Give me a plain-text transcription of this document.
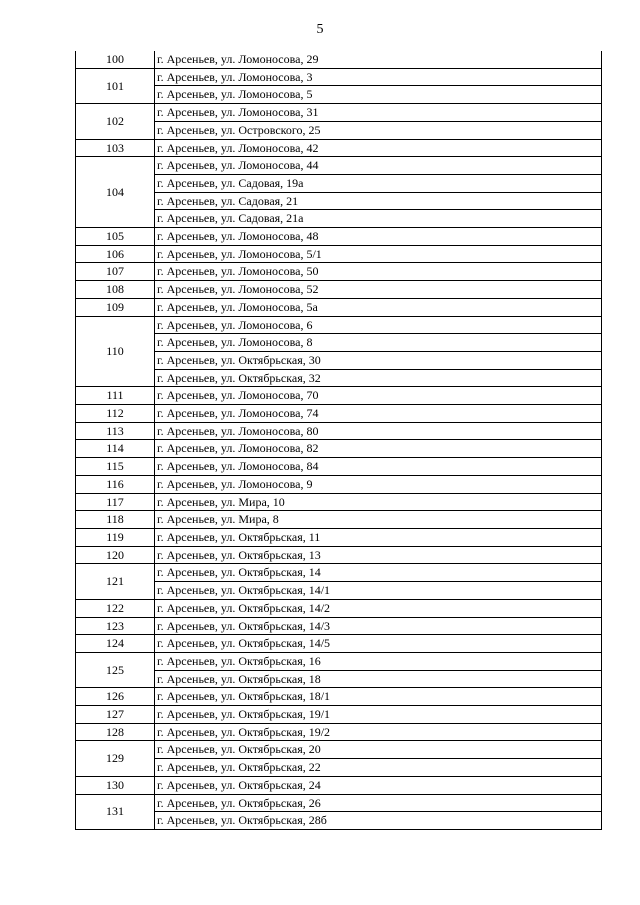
5
100	г. Арсеньев, ул. Ломоносова, 29
101	г. Арсеньев, ул. Ломоносова, 3
	г. Арсеньев, ул. Ломоносова, 5
102	г. Арсеньев, ул. Ломоносова, 31
	г. Арсеньев, ул. Островского, 25
103	г. Арсеньев, ул. Ломоносова, 42
104	г. Арсеньев, ул. Ломоносова, 44
	г. Арсеньев, ул. Садовая, 19а
	г. Арсеньев, ул. Садовая, 21
	г. Арсеньев, ул. Садовая, 21а
105	г. Арсеньев, ул. Ломоносова, 48
106	г. Арсеньев, ул. Ломоносова, 5/1
107	г. Арсеньев, ул. Ломоносова, 50
108	г. Арсеньев, ул. Ломоносова, 52
109	г. Арсеньев, ул. Ломоносова, 5а
110	г. Арсеньев, ул. Ломоносова, 6
	г. Арсеньев, ул. Ломоносова, 8
	г. Арсеньев, ул. Октябрьская, 30
	г. Арсеньев, ул. Октябрьская, 32
111	г. Арсеньев, ул. Ломоносова, 70
112	г. Арсеньев, ул. Ломоносова, 74
113	г. Арсеньев, ул. Ломоносова, 80
114	г. Арсеньев, ул. Ломоносова, 82
115	г. Арсеньев, ул. Ломоносова, 84
116	г. Арсеньев, ул. Ломоносова, 9
117	г. Арсеньев, ул. Мира, 10
118	г. Арсеньев, ул. Мира, 8
119	г. Арсеньев, ул. Октябрьская, 11
120	г. Арсеньев, ул. Октябрьская, 13
121	г. Арсеньев, ул. Октябрьская, 14
	г. Арсеньев, ул. Октябрьская, 14/1
122	г. Арсеньев, ул. Октябрьская, 14/2
123	г. Арсеньев, ул. Октябрьская, 14/3
124	г. Арсеньев, ул. Октябрьская, 14/5
125	г. Арсеньев, ул. Октябрьская, 16
	г. Арсеньев, ул. Октябрьская, 18
126	г. Арсеньев, ул. Октябрьская, 18/1
127	г. Арсеньев, ул. Октябрьская, 19/1
128	г. Арсеньев, ул. Октябрьская, 19/2
129	г. Арсеньев, ул. Октябрьская, 20
	г. Арсеньев, ул. Октябрьская, 22
130	г. Арсеньев, ул. Октябрьская, 24
131	г. Арсеньев, ул. Октябрьская, 26
	г. Арсеньев, ул. Октябрьская, 28б
